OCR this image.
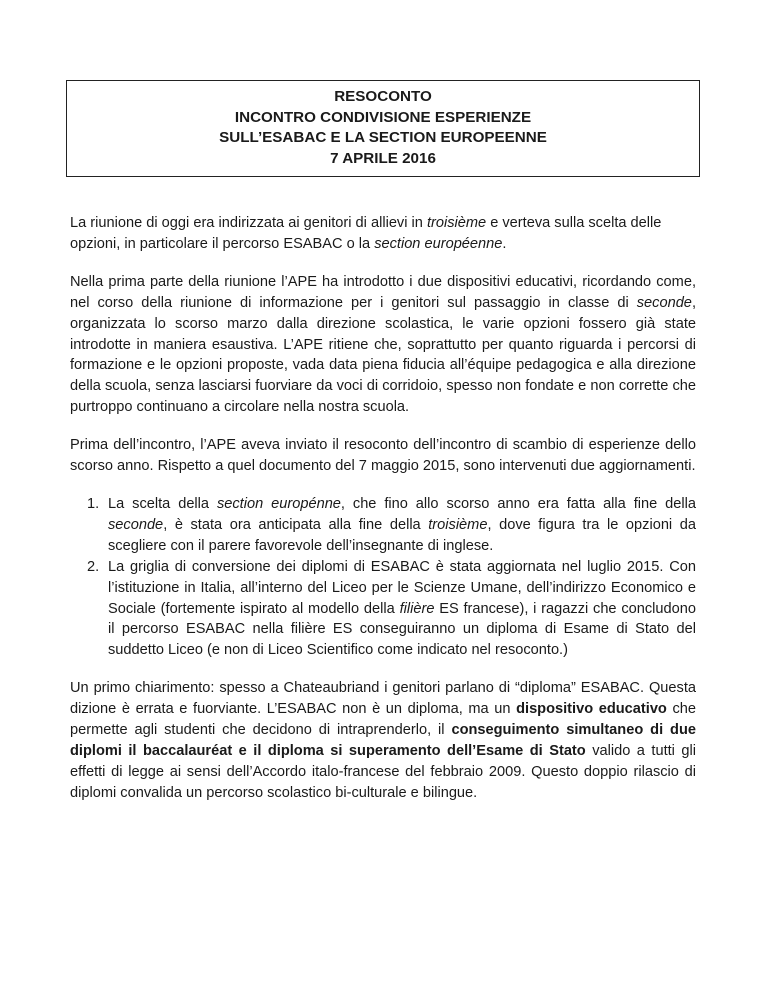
RESOCONTO
INCONTRO CONDIVISIONE ESPERIENZE
SULL’ESABAC E LA SECTION EUROPEENNE
7 APRILE 2016

La riunione di oggi era indirizzata ai genitori di allievi in troisième e verteva sulla scelta delle opzioni, in particolare il percorso ESABAC o la section européenne.

Nella prima parte della riunione l’APE ha introdotto i due dispositivi educativi, ricordando come, nel corso della riunione di informazione per i genitori sul passaggio in classe di seconde, organizzata lo scorso marzo dalla direzione scolastica, le varie opzioni fossero già state introdotte in maniera esaustiva. L’APE ritiene che, soprattutto per quanto riguarda i percorsi di formazione e le opzioni proposte, vada data piena fiducia all’équipe pedagogica e alla direzione della scuola, senza lasciarsi fuorviare da voci di corridoio, spesso non fondate e non corrette che purtroppo continuano a circolare nella nostra scuola.

Prima dell’incontro, l’APE aveva inviato il resoconto dell’incontro di scambio di esperienze dello scorso anno. Rispetto a quel documento del 7 maggio 2015, sono intervenuti due aggiornamenti.

1. La scelta della section europénne, che fino allo scorso anno era fatta alla fine della seconde, è stata ora anticipata alla fine della troisième, dove figura tra le opzioni da scegliere con il parere favorevole dell’insegnante di inglese.
2. La griglia di conversione dei diplomi di ESABAC è stata aggiornata nel luglio 2015. Con l’istituzione in Italia, all’interno del Liceo per le Scienze Umane, dell’indirizzo Economico e Sociale (fortemente ispirato al modello della filière ES francese), i ragazzi che concludono il percorso ESABAC nella filière ES conseguiranno un diploma di Esame di Stato del suddetto Liceo (e non di Liceo Scientifico come indicato nel resoconto.)

Un primo chiarimento: spesso a Chateaubriand i genitori parlano di “diploma” ESABAC. Questa dizione è errata e fuorviante. L’ESABAC non è un diploma, ma un dispositivo educativo che permette agli studenti che decidono di intraprenderlo, il conseguimento simultaneo di due diplomi il baccalauréat e il diploma si superamento dell’Esame di Stato valido a tutti gli effetti di legge ai sensi dell’Accordo italo-francese del febbraio 2009. Questo doppio rilascio di diplomi convalida un percorso scolastico bi-culturale e bilingue.
